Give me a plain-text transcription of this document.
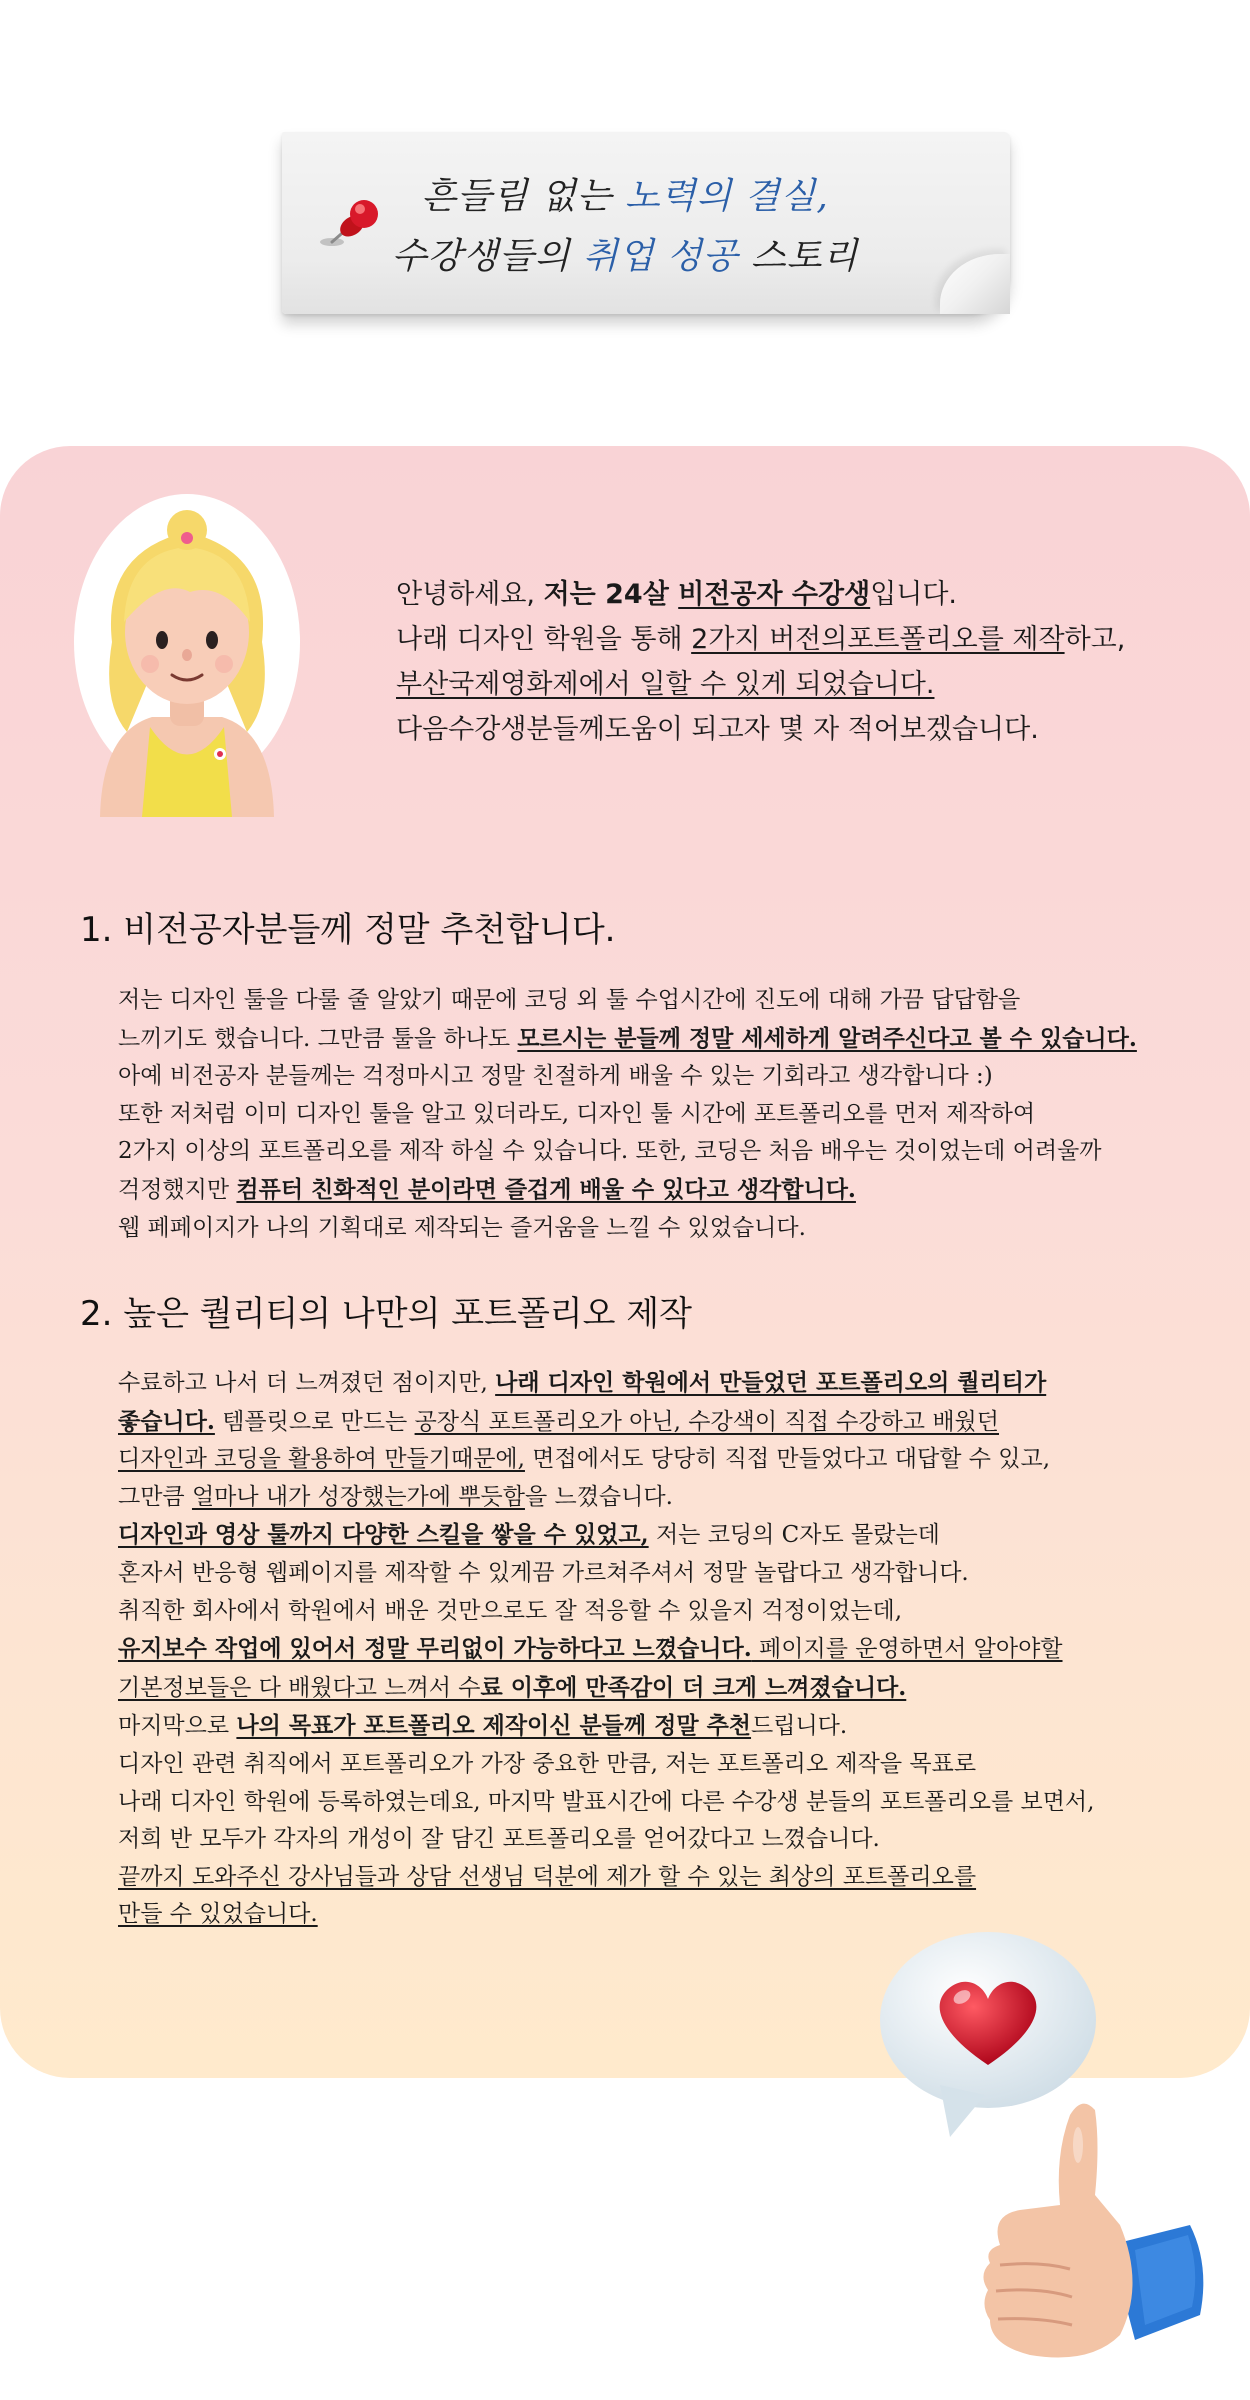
흔들림 없는 노력의 결실,
수강생들의 취업 성공 스토리
안녕하세요, 저는 24살 비전공자 수강생입니다.
나래 디자인 학원을 통해 2가지 버전의포트폴리오를 제작하고,
부산국제영화제에서 일할 수 있게 되었습니다.
다음수강생분들께도움이 되고자 몇 자 적어보겠습니다.
1. 비전공자분들께 정말 추천합니다.
저는 디자인 툴을 다룰 줄 알았기 때문에 코딩 외 툴 수업시간에 진도에 대해 가끔 답답함을
느끼기도 했습니다. 그만큼 툴을 하나도 모르시는 분들께 정말 세세하게 알려주신다고 볼 수 있습니다.
아예 비전공자 분들께는 걱정마시고 정말 친절하게 배울 수 있는 기회라고 생각합니다 :)
또한 저처럼 이미 디자인 툴을 알고 있더라도, 디자인 툴 시간에 포트폴리오를 먼저 제작하여
2가지 이상의 포트폴리오를 제작 하실 수 있습니다. 또한, 코딩은 처음 배우는 것이었는데 어려울까
걱정했지만 컴퓨터 친화적인 분이라면 즐겁게 배울 수 있다고 생각합니다.
웹 페페이지가 나의 기획대로 제작되는 즐거움을 느낄 수 있었습니다.
2. 높은 퀄리티의 나만의 포트폴리오 제작
수료하고 나서 더 느껴졌던 점이지만, 나래 디자인 학원에서 만들었던 포트폴리오의 퀄리티가
좋습니다. 템플릿으로 만드는 공장식 포트폴리오가 아닌, 수강색이 직접 수강하고 배웠던
디자인과 코딩을 활용하여 만들기때문에, 면접에서도 당당히 직접 만들었다고 대답할 수 있고,
그만큼 얼마나 내가 성장했는가에 뿌듯함을 느꼈습니다.
디자인과 영상 툴까지 다양한 스킬을 쌓을 수 있었고, 저는 코딩의 C자도 몰랐는데
혼자서 반응형 웹페이지를 제작할 수 있게끔 가르쳐주셔서 정말 놀랍다고 생각합니다.
취직한 회사에서 학원에서 배운 것만으로도 잘 적응할 수 있을지 걱정이었는데,
유지보수 작업에 있어서 정말 무리없이 가능하다고 느꼈습니다. 페이지를 운영하면서 알아야할
기본정보들은 다 배웠다고 느껴서 수료 이후에 만족감이 더 크게 느껴졌습니다.
마지막으로 나의 목표가 포트폴리오 제작이신 분들께 정말 추천드립니다.
디자인 관련 취직에서 포트폴리오가 가장 중요한 만큼, 저는 포트폴리오 제작을 목표로
나래 디자인 학원에 등록하였는데요, 마지막 발표시간에 다른 수강생 분들의 포트폴리오를 보면서,
저희 반 모두가 각자의 개성이 잘 담긴 포트폴리오를 얻어갔다고 느꼈습니다.
끝까지 도와주신 강사님들과 상담 선생님 덕분에 제가 할 수 있는 최상의 포트폴리오를
만들 수 있었습니다.
